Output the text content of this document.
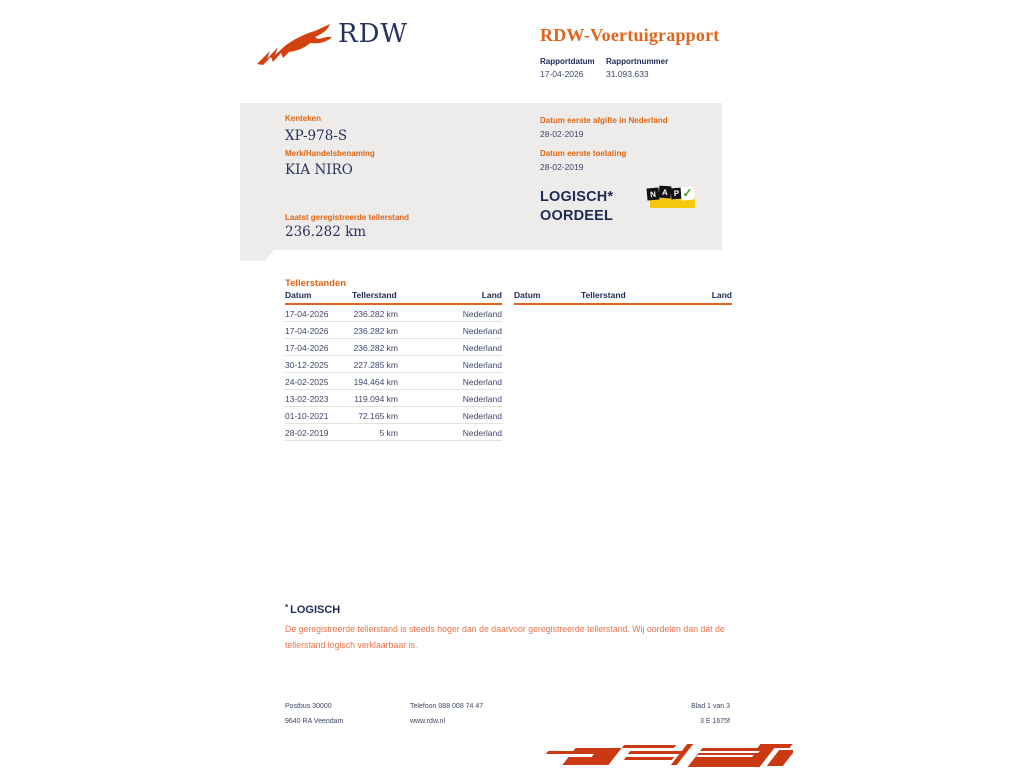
RDW	RDW-Voertuigrapport
Rapportdatum
17-04-2026
Rapportnummer
31.093.633
Kenteken
XP-978-S
Merk/Handelsbenaming
KIA NIRO
Laatst geregistreerde tellerstand
236.282 km
Datum eerste afgifte in Nederland
28-02-2019
Datum eerste toelating
28-02-2019
LOGISCH*
OORDEEL
N A P ✓
Tellerstanden
Datum	Tellerstand	Land
17-04-2026	236.282 km	Nederland
17-04-2026	236.282 km	Nederland
17-04-2026	236.282 km	Nederland
30-12-2025	227.285 km	Nederland
24-02-2025	194.464 km	Nederland
13-02-2023	119.094 km	Nederland
01-10-2021	72.165 km	Nederland
28-02-2019	5 km	Nederland
Datum	Tellerstand	Land
* LOGISCH
De geregistreerde tellerstand is steeds hoger dan de daarvoor geregistreerde tellerstand. Wij oordelen dan dat de tellerstand logisch verklaarbaar is.
Postbus 30000
9640 RA Veendam
Telefoon 088 008 74 47
www.rdw.nl
Blad 1 van 3
3 E 1675f
